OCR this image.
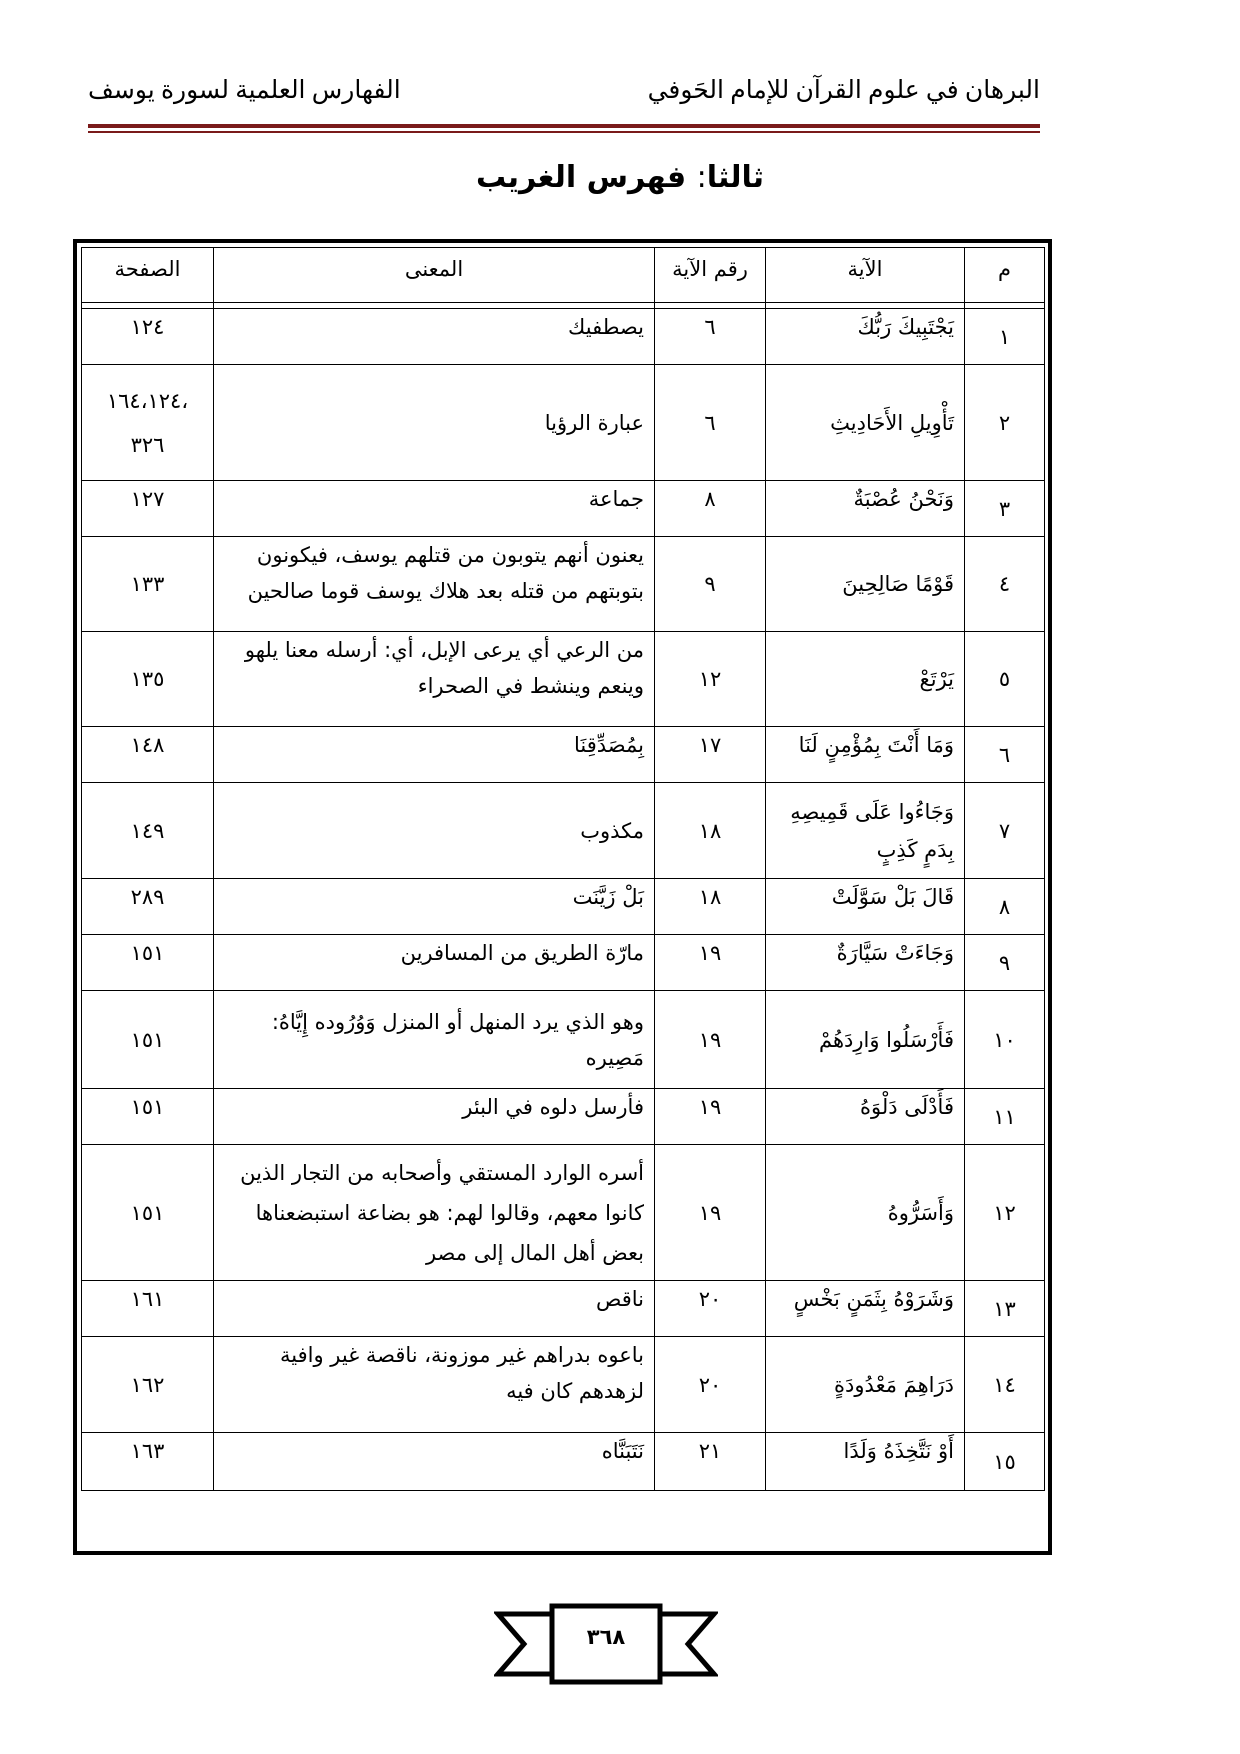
الفهارس العلمية لسورة يوسف	البرهان في علوم القرآن للإمام الحَوفي
ثالثا: فهرس الغريب
م	الآية	رقم الآية	المعنى	الصفحة

١	يَجْتَبِيكَ رَبُّكَ	٦	يصطفيك	١٢٤
٢	تَأْوِيلِ الأَحَادِيثِ	٦	عبارة الرؤيا	،١٦٤،١٢٤ ٣٢٦
٣	وَنَحْنُ عُصْبَةٌ	٨	جماعة	١٢٧
٤	قَوْمًا صَالِحِينَ	٩	يعنون أنهم يتوبون من قتلهم يوسف، فيكونون بتوبتهم من قتله بعد هلاك يوسف قوما صالحين	١٣٣
٥	يَرْتَعْ	١٢	من الرعي أي يرعى الإبل، أي: أرسله معنا يلهو وينعم وينشط في الصحراء	١٣٥
٦	وَمَا أَنْتَ بِمُؤْمِنٍ لَنَا	١٧	بِمُصَدِّقِنَا	١٤٨
٧	وَجَاءُوا عَلَى قَمِيصِهِ بِدَمٍ كَذِبٍ	١٨	مكذوب	١٤٩
٨	قَالَ بَلْ سَوَّلَتْ	١٨	بَلْ زَيَّنَت	٢٨٩
٩	وَجَاءَتْ سَيَّارَةٌ	١٩	مارّة الطريق من المسافرين	١٥١
١٠	فَأَرْسَلُوا وَارِدَهُمْ	١٩	وهو الذي يرد المنهل أو المنزل وَوُرُوده إِيَّاهُ: مَصِيره	١٥١
١١	فَأَدْلَى دَلْوَهُ	١٩	فأرسل دلوه في البئر	١٥١
١٢	وَأَسَرُّوهُ	١٩	أسره الوارد المستقي وأصحابه من التجار الذين كانوا معهم، وقالوا لهم: هو بضاعة استبضعناها بعض أهل المال إلى مصر	١٥١
١٣	وَشَرَوْهُ بِثَمَنٍ بَخْسٍ	٢٠	ناقص	١٦١
١٤	دَرَاهِمَ مَعْدُودَةٍ	٢٠	باعوه بدراهم غير موزونة، ناقصة غير وافية لزهدهم كان فيه	١٦٢
١٥	أَوْ نَتَّخِذَهُ وَلَدًا	٢١	نَتَبَنَّاه	١٦٣
٣٦٨
